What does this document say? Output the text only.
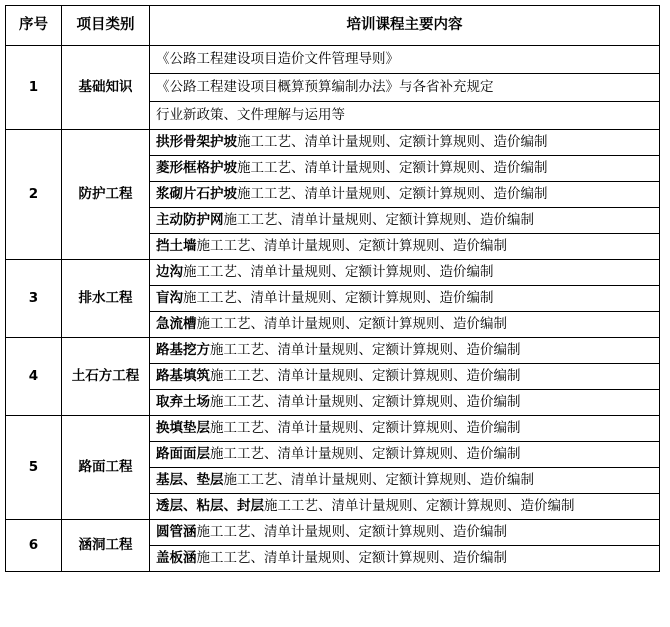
序号	项目类别	培训课程主要内容
1	基础知识	《公路工程建设项目造价文件管理导则》
		《公路工程建设项目概算预算编制办法》与各省补充规定
		行业新政策、文件理解与运用等
2	防护工程	拱形骨架护坡施工工艺、清单计量规则、定额计算规则、造价编制
		菱形框格护坡施工工艺、清单计量规则、定额计算规则、造价编制
		浆砌片石护坡施工工艺、清单计量规则、定额计算规则、造价编制
		主动防护网施工工艺、清单计量规则、定额计算规则、造价编制
		挡土墙施工工艺、清单计量规则、定额计算规则、造价编制
3	排水工程	边沟施工工艺、清单计量规则、定额计算规则、造价编制
		盲沟施工工艺、清单计量规则、定额计算规则、造价编制
		急流槽施工工艺、清单计量规则、定额计算规则、造价编制
4	土石方工程	路基挖方施工工艺、清单计量规则、定额计算规则、造价编制
		路基填筑施工工艺、清单计量规则、定额计算规则、造价编制
		取弃土场施工工艺、清单计量规则、定额计算规则、造价编制
5	路面工程	换填垫层施工工艺、清单计量规则、定额计算规则、造价编制
		路面面层施工工艺、清单计量规则、定额计算规则、造价编制
		基层、垫层施工工艺、清单计量规则、定额计算规则、造价编制
		透层、粘层、封层施工工艺、清单计量规则、定额计算规则、造价编制
6	涵洞工程	圆管涵施工工艺、清单计量规则、定额计算规则、造价编制
		盖板涵施工工艺、清单计量规则、定额计算规则、造价编制
